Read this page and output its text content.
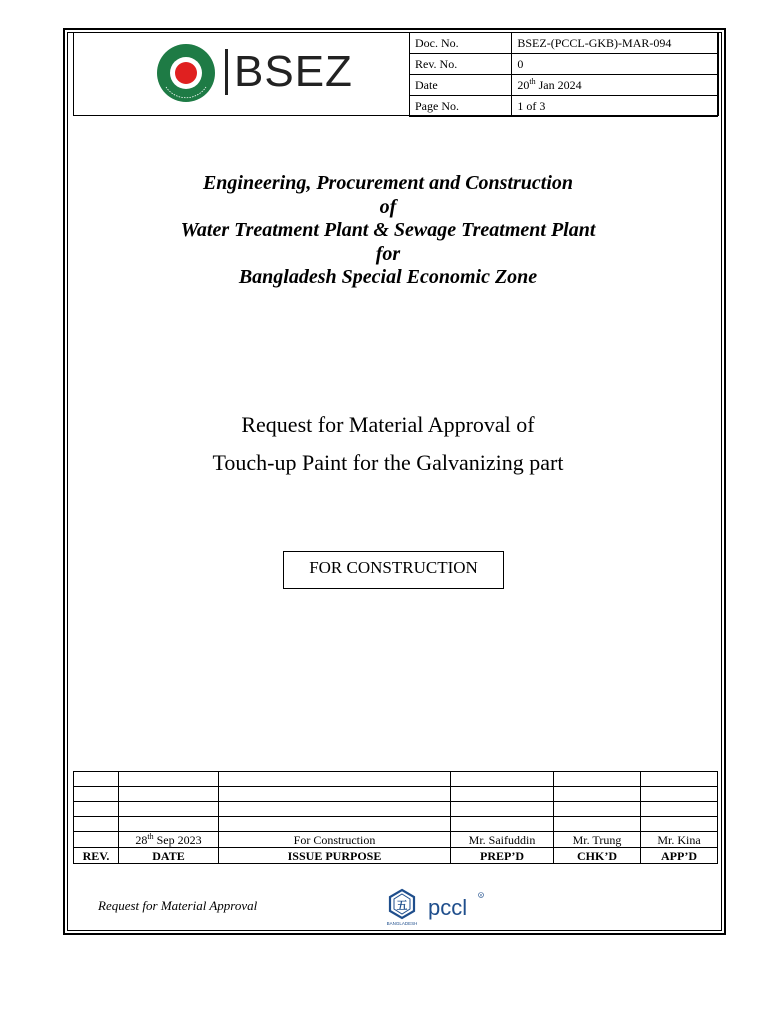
BSEZ
Doc. No.	BSEZ-(PCCL-GKB)-MAR-094
Rev. No.	0
Date	20th Jan 2024
Page No.	1 of 3
Engineering, Procurement and Construction
of
Water Treatment Plant & Sewage Treatment Plant
for
Bangladesh Special Economic Zone
Request for Material Approval of
Touch-up Paint for the Galvanizing part
FOR CONSTRUCTION

	28th Sep 2023	For Construction	Mr. Saifuddin	Mr. Trung	Mr. Kina
REV.	DATE	ISSUE PURPOSE	PREP’D	CHK’D	APP’D
Request for Material Approval	五
BANGLADESH
pccl	R
